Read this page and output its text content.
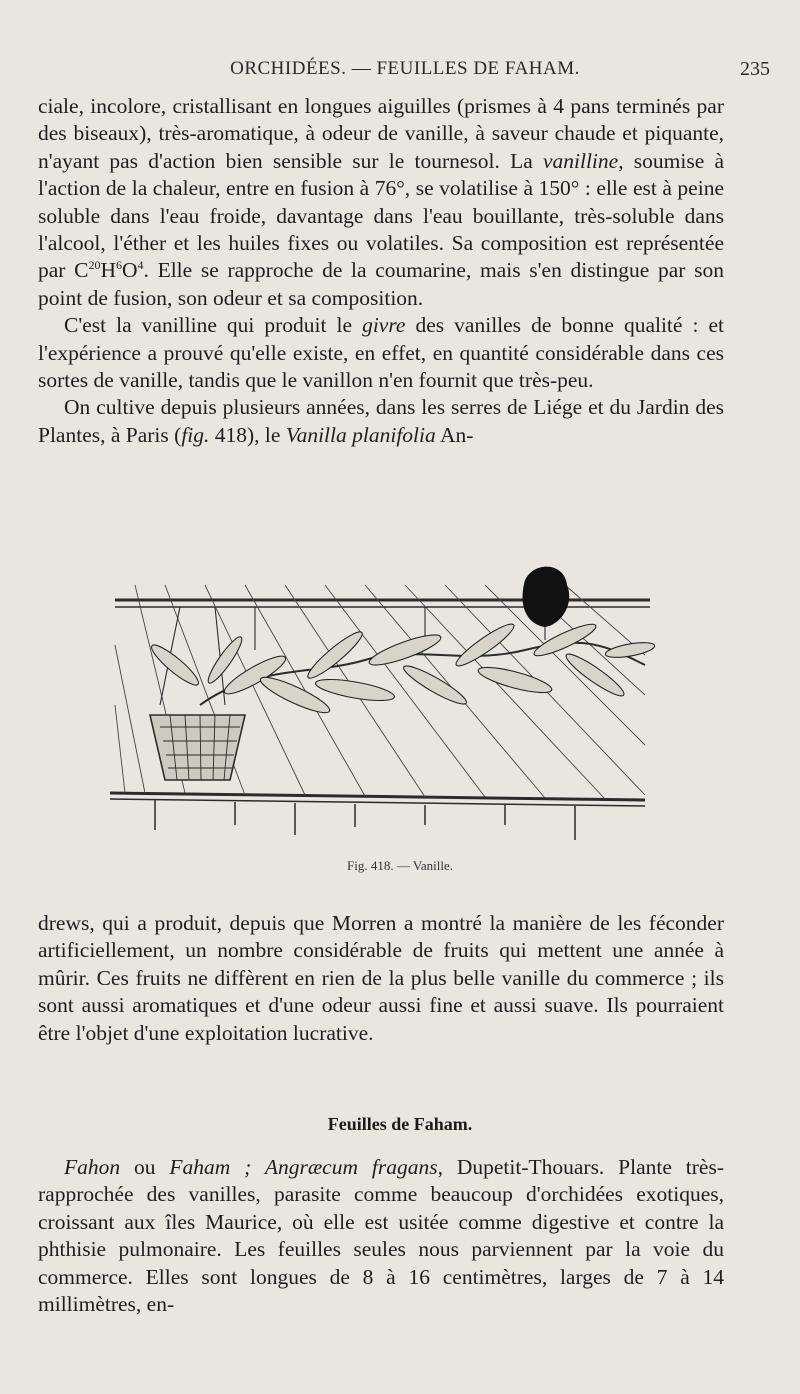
ORCHIDÉES. — FEUILLES DE FAHAM.	235

ciale, incolore, cristallisant en longues aiguilles (prismes à 4 pans terminés par des biseaux), très-aromatique, à odeur de vanille, à saveur chaude et piquante, n'ayant pas d'action bien sensible sur le tournesol. La vanilline, soumise à l'action de la chaleur, entre en fusion à 76°, se volatilise à 150° : elle est à peine soluble dans l'eau froide, davantage dans l'eau bouillante, très-soluble dans l'alcool, l'éther et les huiles fixes ou volatiles. Sa composition est représentée par $C^{20}H^6O^4$. Elle se rapproche de la coumarine, mais s'en distingue par son point de fusion, son odeur et sa composition.

C'est la vanilline qui produit le givre des vanilles de bonne qualité : et l'expérience a prouvé qu'elle existe, en effet, en quantité considérable dans ces sortes de vanille, tandis que le vanillon n'en fournit que très-peu.

On cultive depuis plusieurs années, dans les serres de Liége et du Jardin des Plantes, à Paris (fig. 418), le Vanilla planifolia An-

Fig. 418. — Vanille.

drews, qui a produit, depuis que Morren a montré la manière de les féconder artificiellement, un nombre considérable de fruits qui mettent une année à mûrir. Ces fruits ne diffèrent en rien de la plus belle vanille du commerce ; ils sont aussi aromatiques et d'une odeur aussi fine et aussi suave. Ils pourraient être l'objet d'une exploitation lucrative.

Feuilles de Faham.

Fahon ou Faham ; Angræcum fragans, Dupetit-Thouars. Plante très-rapprochée des vanilles, parasite comme beaucoup d'orchidées exotiques, croissant aux îles Maurice, où elle est usitée comme digestive et contre la phthisie pulmonaire. Les feuilles seules nous parviennent par la voie du commerce. Elles sont longues de 8 à 16 centimètres, larges de 7 à 14 millimètres, en-
